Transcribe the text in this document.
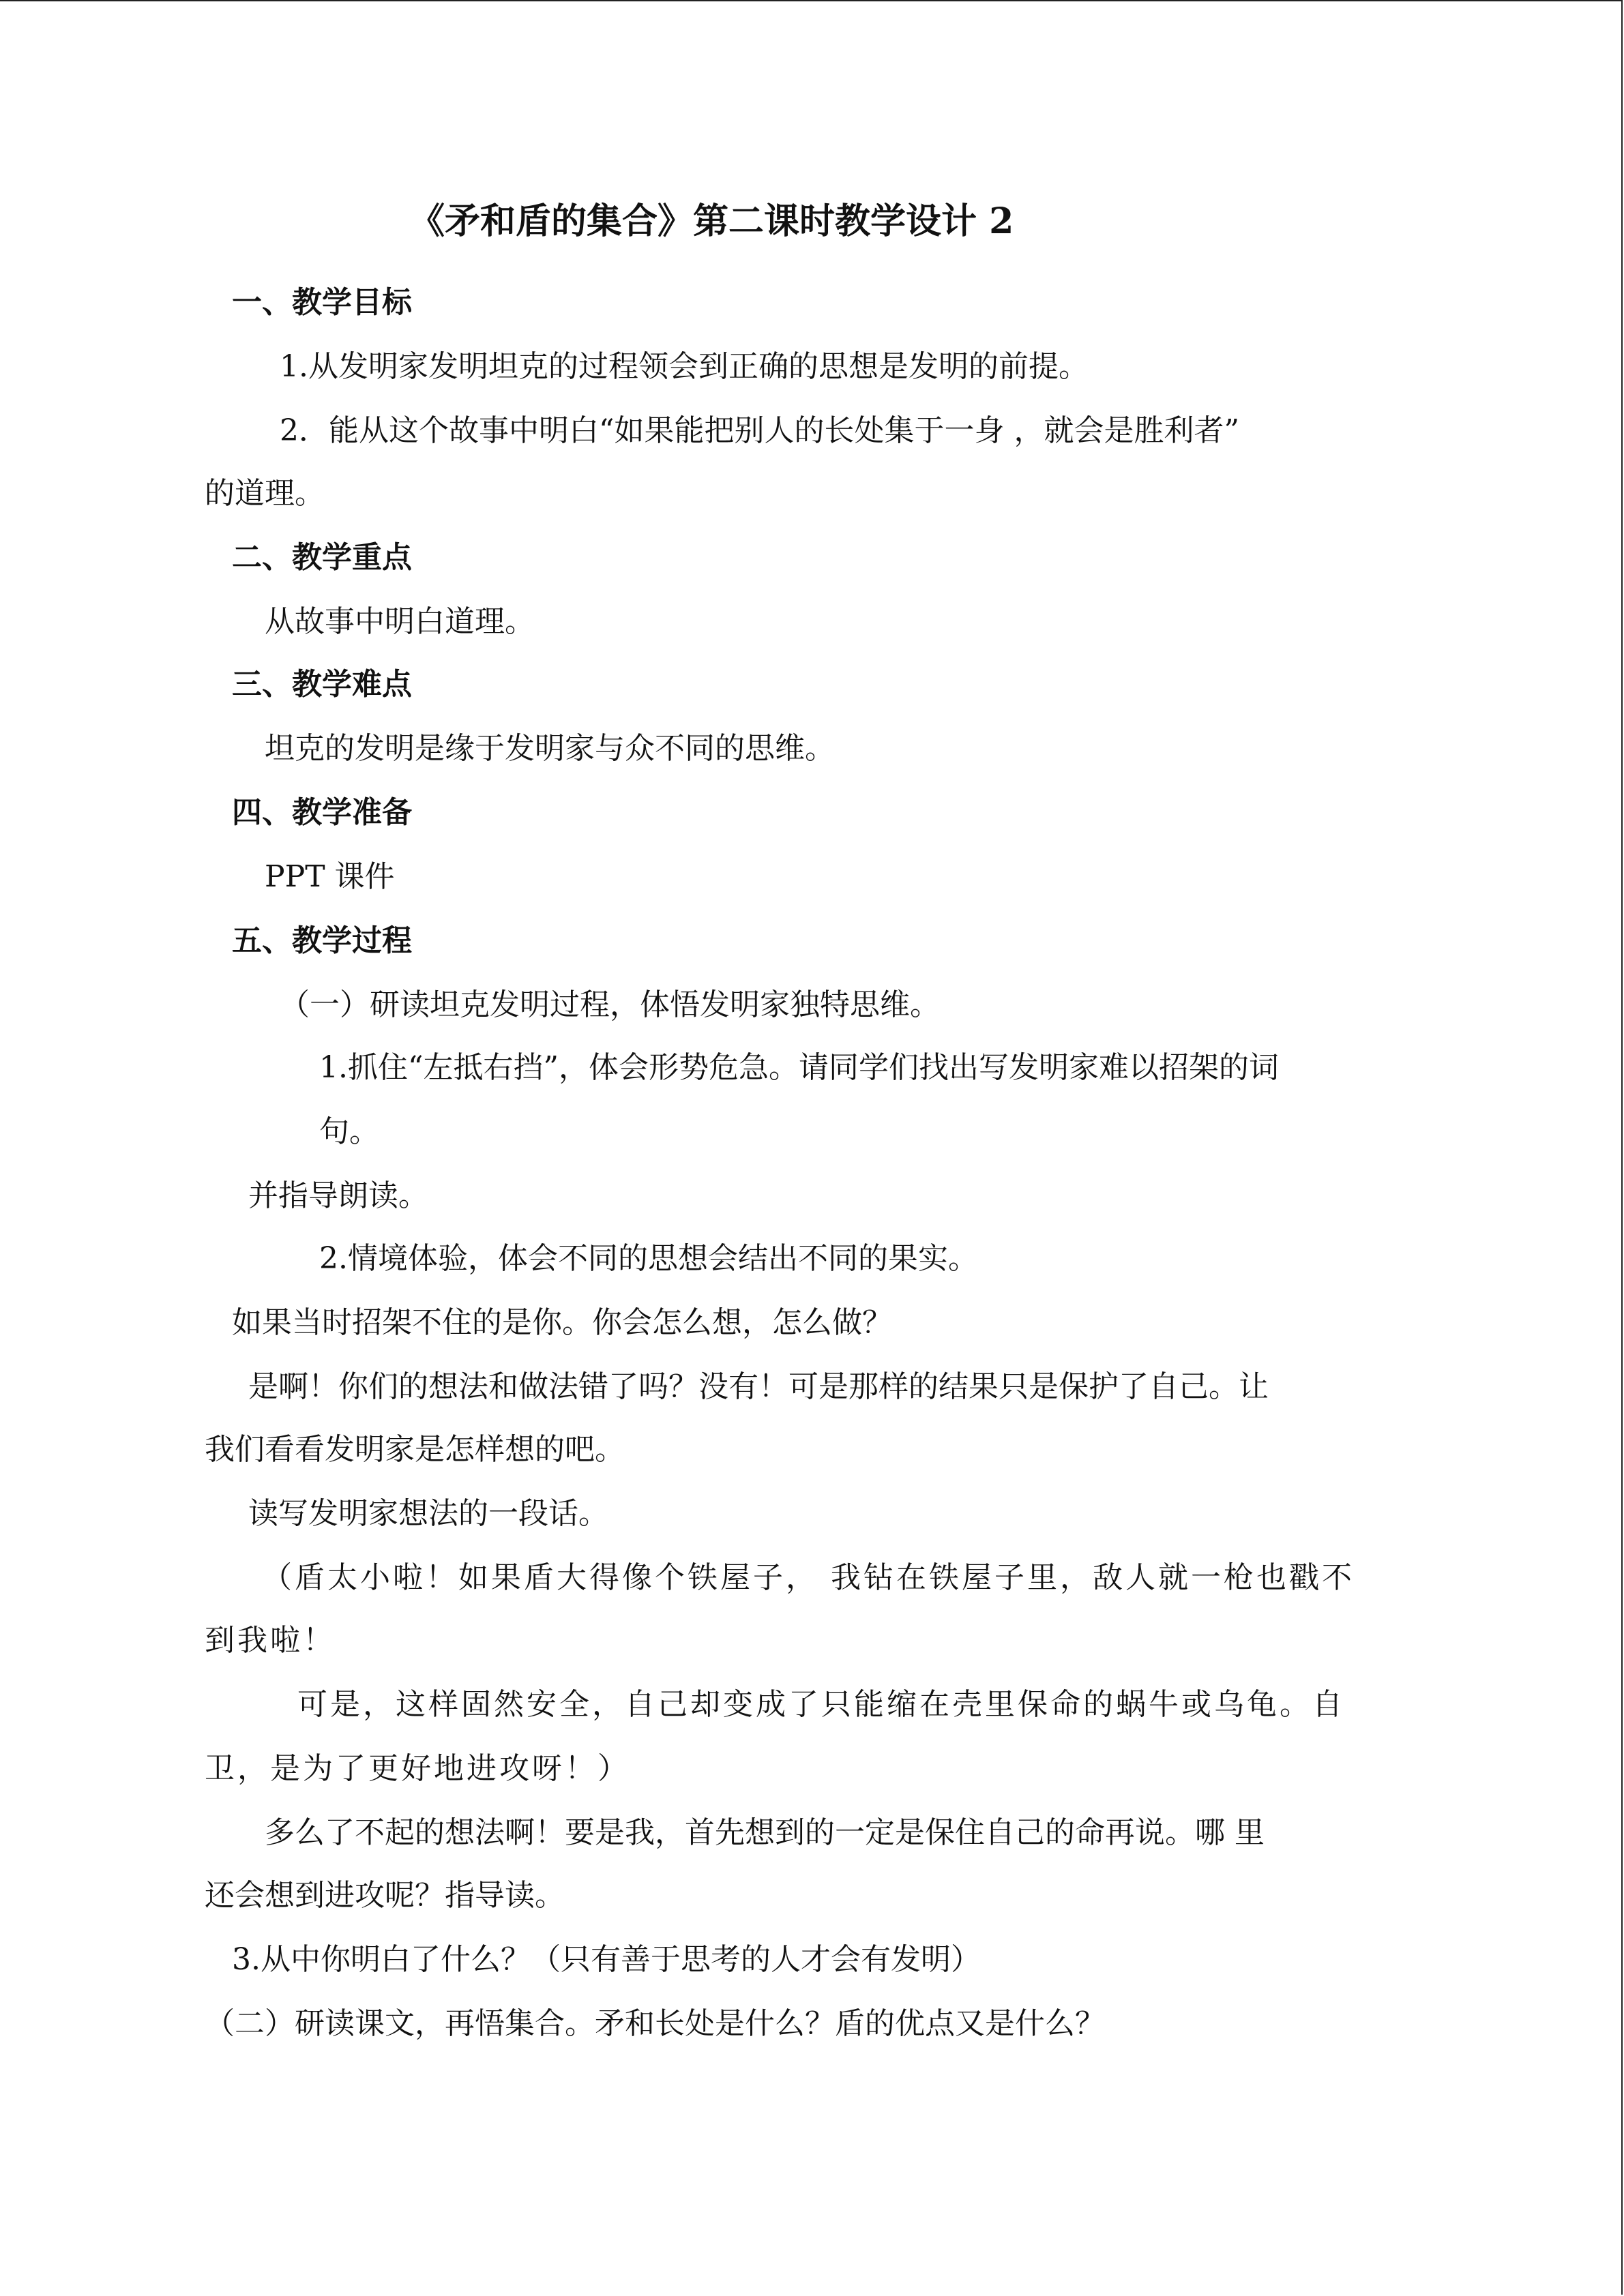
《矛和盾的集合》第二课时教学设计 2
一、教学目标
1.从发明家发明坦克的过程领会到正确的思想是发明的前提。
2．能从这个故事中明白“如果能把别人的长处集于一身 ，就会是胜利者”
的道理。
二、教学重点
从故事中明白道理。
三、教学难点
坦克的发明是缘于发明家与众不同的思维。
四、教学准备
PPT 课件
五、教学过程
（一）研读坦克发明过程，体悟发明家独特思维。
1.抓住“左抵右挡”，体会形势危急。请同学们找出写发明家难以招架的词
句。
并指导朗读。
2.情境体验，体会不同的思想会结出不同的果实。
如果当时招架不住的是你。你会怎么想，怎么做？
是啊！你们的想法和做法错了吗？没有！可是那样的结果只是保护了自己。让
我们看看发明家是怎样想的吧。
读写发明家想法的一段话。
（盾太小啦！如果盾大得像个铁屋子， 我钻在铁屋子里，敌人就一枪也戳不
到我啦！
可是，这样固然安全，自己却变成了只能缩在壳里保命的蜗牛或乌龟。自
卫，是为了更好地进攻呀！）
多么了不起的想法啊！要是我，首先想到的一定是保住自己的命再说。哪 里
还会想到进攻呢？指导读。
3.从中你明白了什么？（只有善于思考的人才会有发明）
（二）研读课文，再悟集合。矛和长处是什么？盾的优点又是什么？
